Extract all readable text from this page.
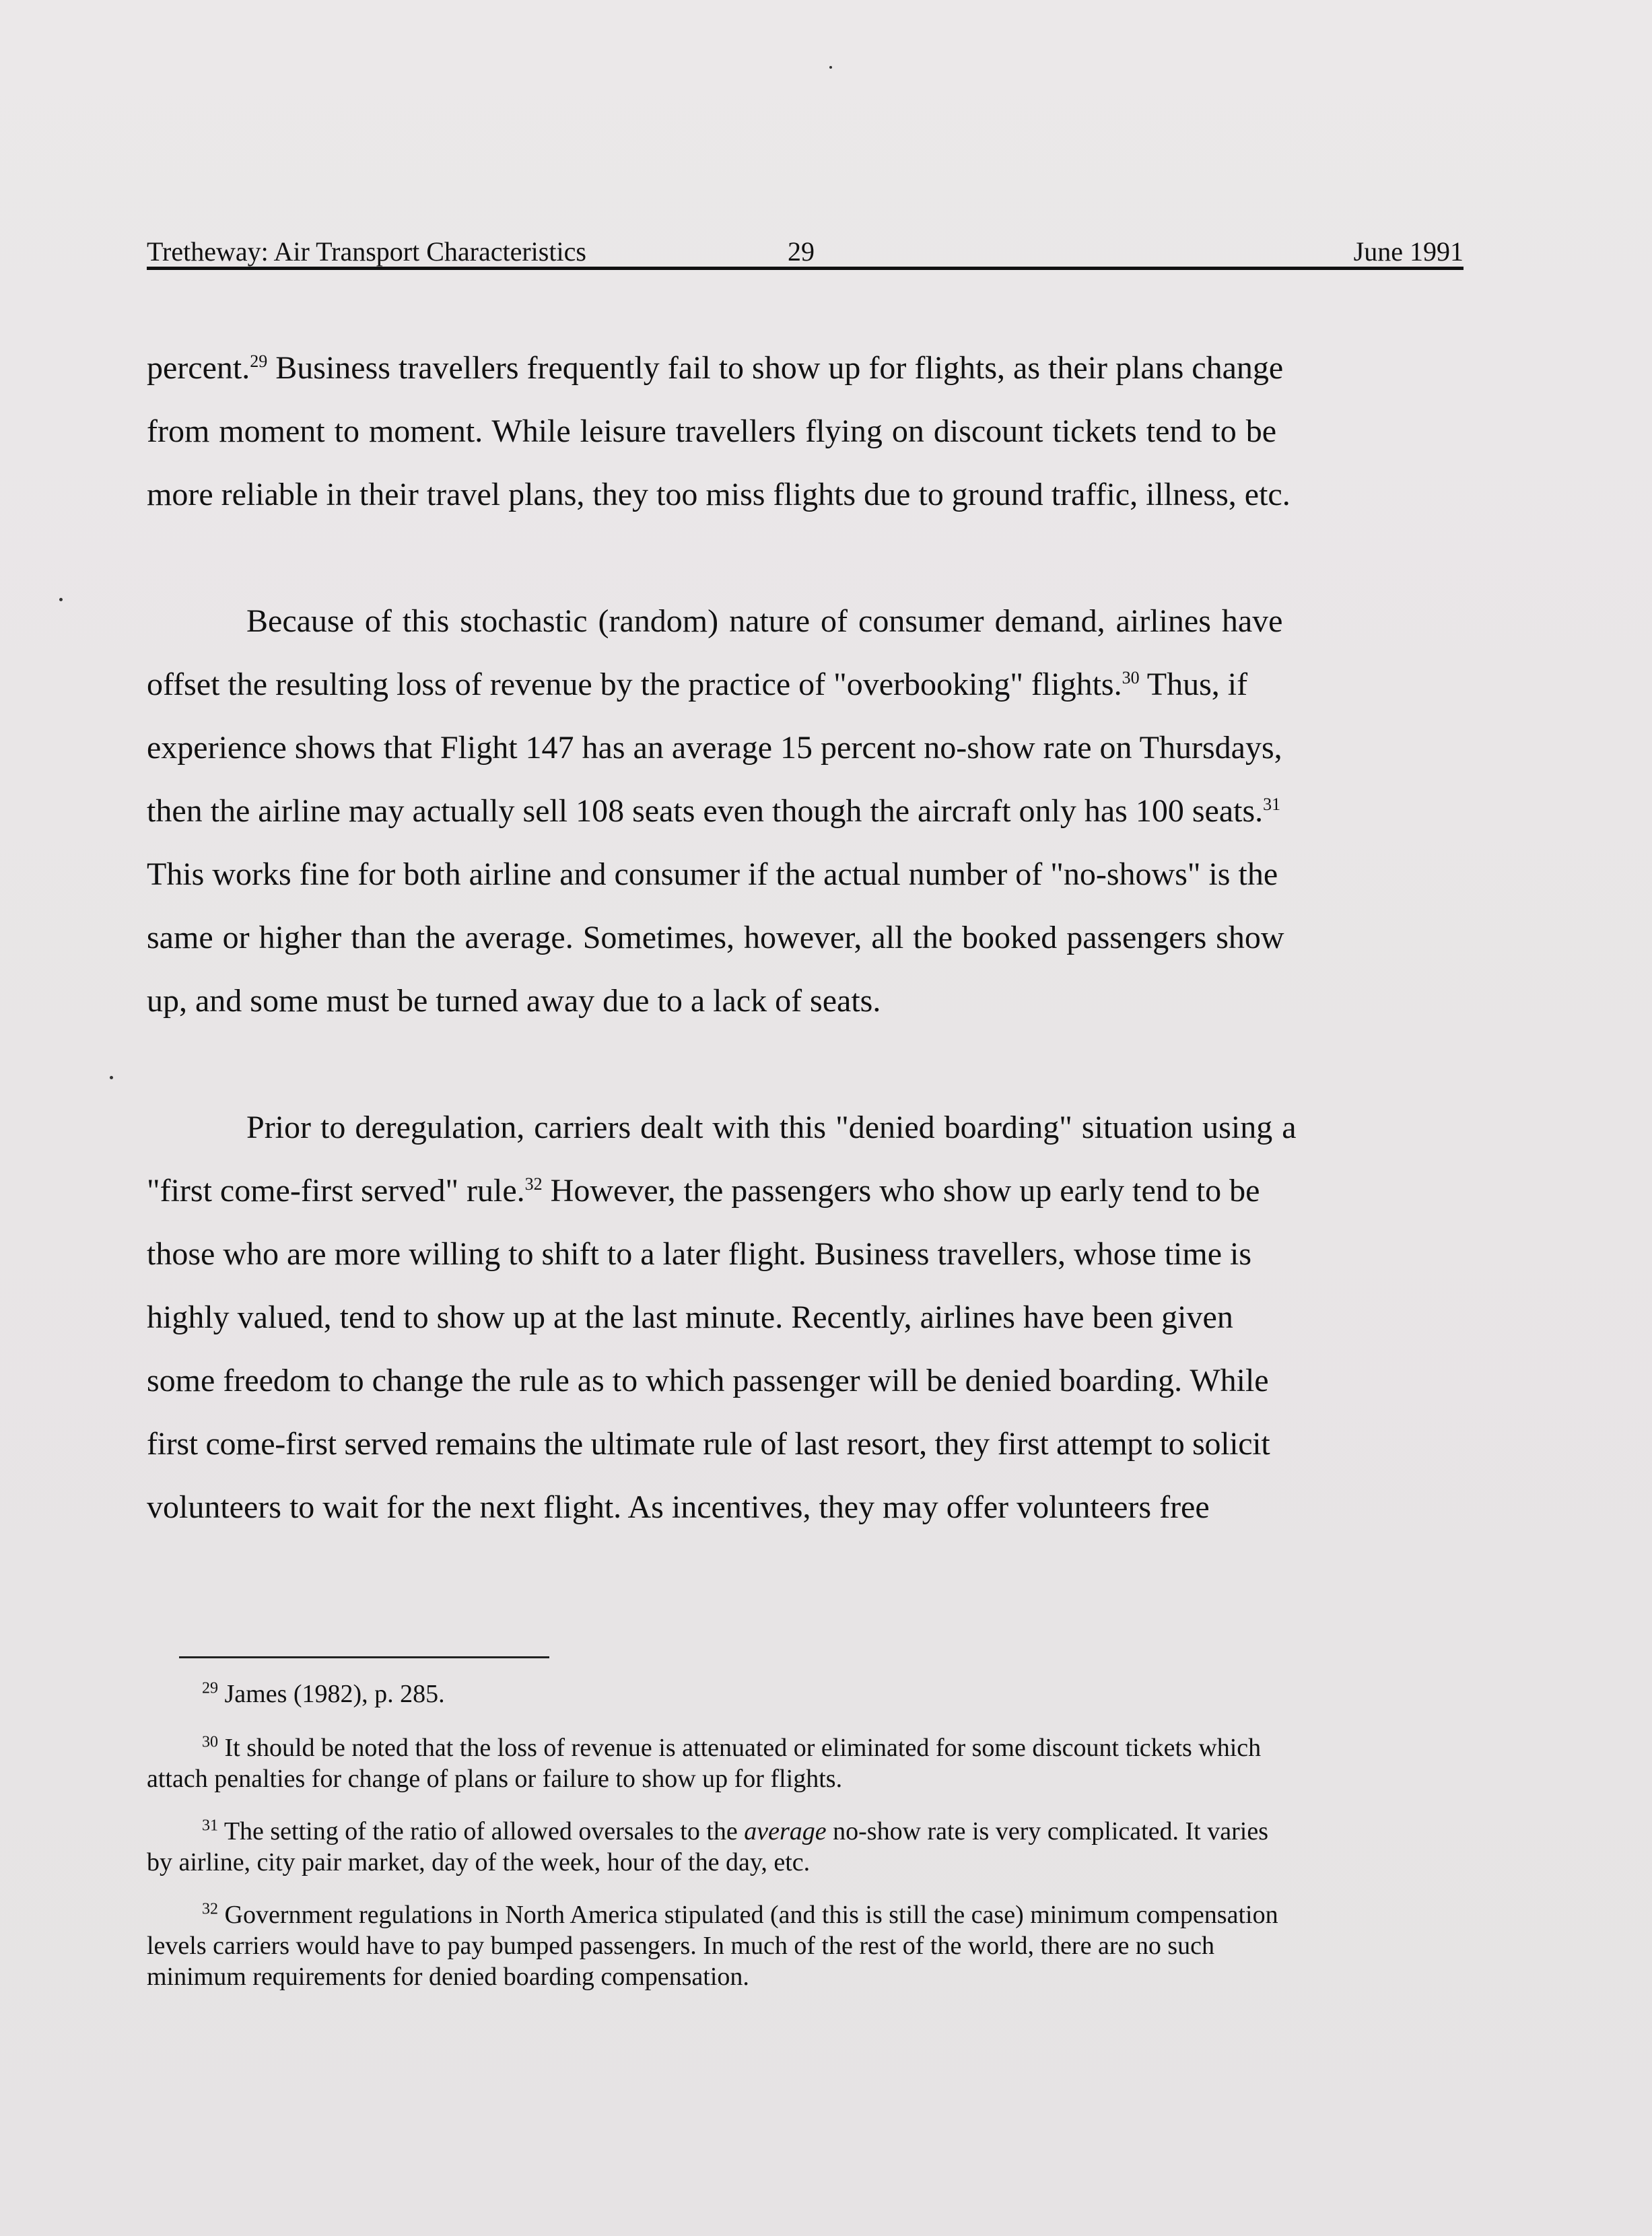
Tretheway: Air Transport Characteristics	29	June 1991
percent.$^{29}$ Business travellers frequently fail to show up for flights, as their plans change
from moment to moment. While leisure travellers flying on discount tickets tend to be
more reliable in their travel plans, they too miss flights due to ground traffic, illness, etc.
Because of this stochastic (random) nature of consumer demand, airlines have
offset the resulting loss of revenue by the practice of "overbooking" flights.$^{30}$ Thus, if
experience shows that Flight 147 has an average 15 percent no-show rate on Thursdays,
then the airline may actually sell 108 seats even though the aircraft only has 100 seats.$^{31}$
This works fine for both airline and consumer if the actual number of "no-shows" is the
same or higher than the average. Sometimes, however, all the booked passengers show
up, and some must be turned away due to a lack of seats.
Prior to deregulation, carriers dealt with this "denied boarding" situation using a
"first come-first served" rule.$^{32}$ However, the passengers who show up early tend to be
those who are more willing to shift to a later flight. Business travellers, whose time is
highly valued, tend to show up at the last minute. Recently, airlines have been given
some freedom to change the rule as to which passenger will be denied boarding. While
first come-first served remains the ultimate rule of last resort, they first attempt to solicit
volunteers to wait for the next flight. As incentives, they may offer volunteers free
$^{29}$ James (1982), p. 285.
$^{30}$ It should be noted that the loss of revenue is attenuated or eliminated for some discount tickets which
attach penalties for change of plans or failure to show up for flights.
$^{31}$ The setting of the ratio of allowed oversales to the average no-show rate is very complicated. It varies
by airline, city pair market, day of the week, hour of the day, etc.
$^{32}$ Government regulations in North America stipulated (and this is still the case) minimum compensation
levels carriers would have to pay bumped passengers. In much of the rest of the world, there are no such
minimum requirements for denied boarding compensation.
